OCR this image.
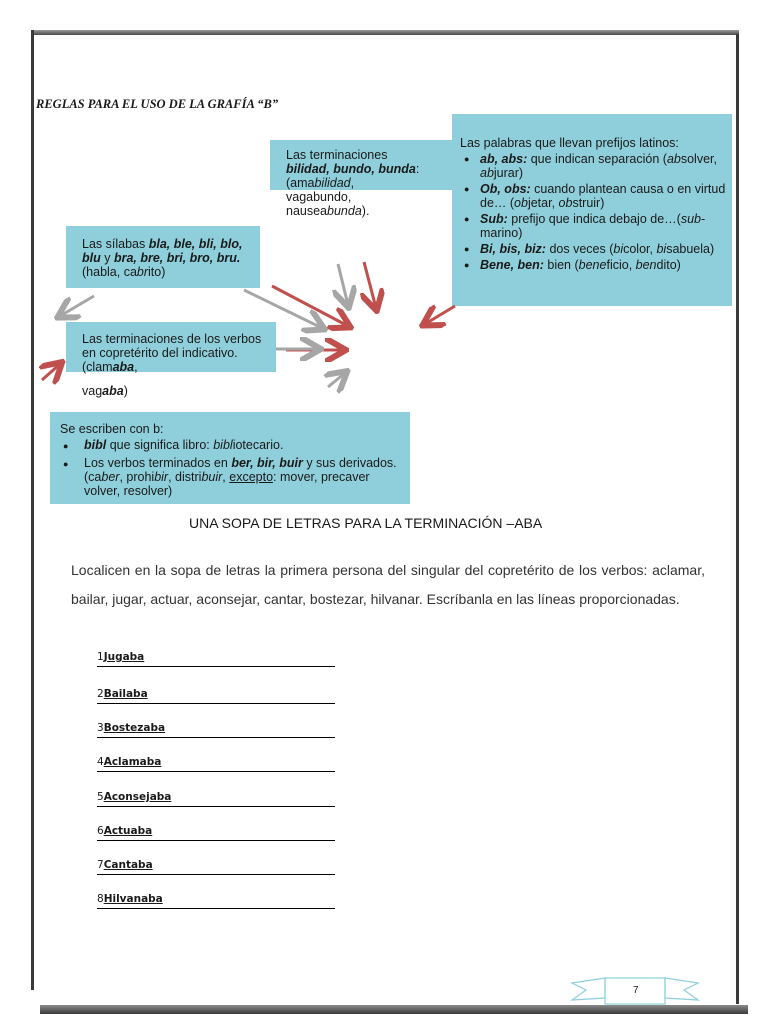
REGLAS PARA EL USO DE LA GRAFÍA “B”
Las terminaciones
bilidad, bundo, bunda:
(amabilidad,
vagabundo,
nauseabunda).
Las palabras que llevan prefijos latinos:
● ab, abs: que indican separación (absolver, abjurar)
● Ob, obs: cuando plantean causa o en virtud de… (objetar, obstruir)
● Sub: prefijo que indica debajo de…(sub-marino)
● Bi, bis, biz: dos veces (bicolor, bisabuela)
● Bene, ben: bien (beneficio, bendito)
Las sílabas bla, ble, bli, blo, blu y bra, bre, bri, bro, bru. (habla, cabrito)
Las terminaciones de los verbos en copretérito del indicativo. (clamaba,
vagaba)
Se escriben con b:
● bibl que significa libro: bibliotecario.
● Los verbos terminados en ber, bir, buir y sus derivados. (caber, prohibir, distribuir, excepto: mover, precaver volver, resolver)
UNA SOPA DE LETRAS PARA LA TERMINACIÓN –ABA
Localicen en la sopa de letras la primera persona del singular del copretérito de los verbos: aclamar, bailar, jugar, actuar, aconsejar, cantar, bostezar, hilvanar. Escríbanla en las líneas proporcionadas.
1Jugaba
2Bailaba
3Bostezaba
4Aclamaba
5Aconsejaba
6Actuaba
7Cantaba
8Hilvanaba
7
